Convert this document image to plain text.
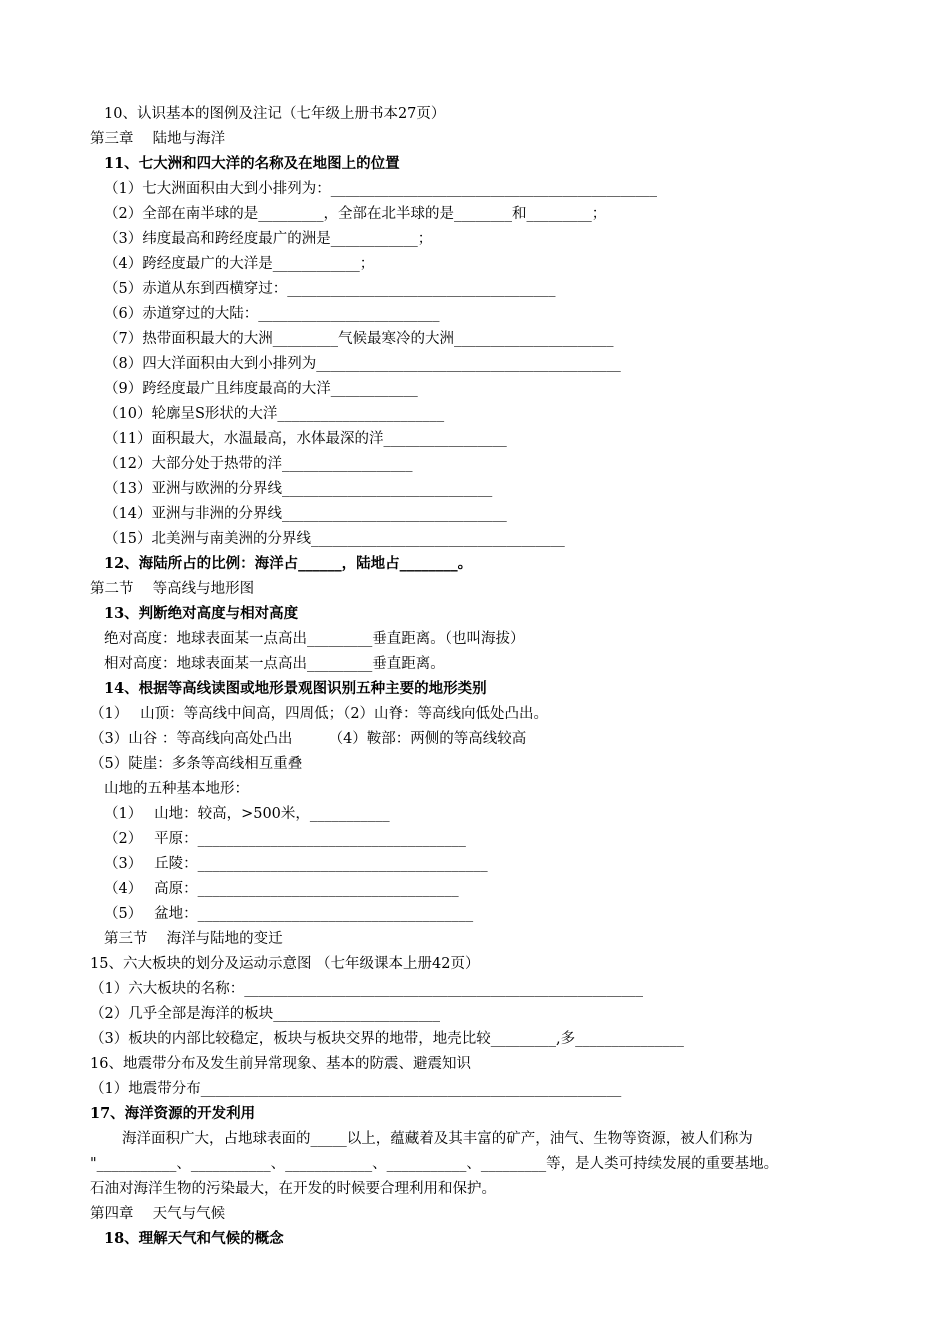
10、认识基本的图例及注记（七年级上册书本27页）
第三章　 陆地与海洋
11、七大洲和四大洋的名称及在地图上的位置
（1）七大洲面积由大到小排列为：_____________________________________________
（2）全部在南半球的是_________，全部在北半球的是________和_________；
（3）纬度最高和跨经度最广的洲是____________；
（4）跨经度最广的大洋是____________；
（5）赤道从东到西横穿过：_____________________________________
（6）赤道穿过的大陆：_________________________
（7）热带面积最大的大洲_________气候最寒冷的大洲______________________
（8）四大洋面积由大到小排列为__________________________________________
（9）跨经度最广且纬度最高的大洋____________
（10）轮廓呈S形状的大洋_______________________
（11）面积最大，水温最高，水体最深的洋_________________
（12）大部分处于热带的洋__________________
（13）亚洲与欧洲的分界线_____________________________
（14）亚洲与非洲的分界线_______________________________
（15）北美洲与南美洲的分界线___________________________________
12、海陆所占的比例：海洋占______，陆地占________。
第二节　 等高线与地形图
13、判断绝对高度与相对高度
绝对高度：地球表面某一点高出_________垂直距离。（也叫海拔）
相对高度：地球表面某一点高出_________垂直距离。
14、根据等高线读图或地形景观图识别五种主要的地形类别
（1）　 山顶：等高线中间高，四周低；（2）山脊：等高线向低处凸出。
（3）山谷 ：等高线向高处凸出　　　（4）鞍部：两侧的等高线较高
（5）陡崖：多条等高线相互重叠
山地的五种基本地形：
（1）　 山地：较高，>500米，___________
（2）　 平原：_____________________________________
（3）　 丘陵：________________________________________
（4）　 高原：____________________________________
（5）　 盆地：______________________________________
第三节　 海洋与陆地的变迁
15、六大板块的划分及运动示意图 （七年级课本上册42页）
（1）六大板块的名称：_______________________________________________________
（2）几乎全部是海洋的板块_______________________
（3）板块的内部比较稳定，板块与板块交界的地带，地壳比较_________,多_______________
16、地震带分布及发生前异常现象、基本的防震、避震知识
（1）地震带分布__________________________________________________________
17、海洋资源的开发利用
海洋面积广大，占地球表面的_____以上，蕴藏着及其丰富的矿产，油气、生物等资源，被人们称为
"___________、___________、____________、___________、_________等，是人类可持续发展的重要基地。
石油对海洋生物的污染最大，在开发的时候要合理利用和保护。
第四章　 天气与气候
18、理解天气和气候的概念
